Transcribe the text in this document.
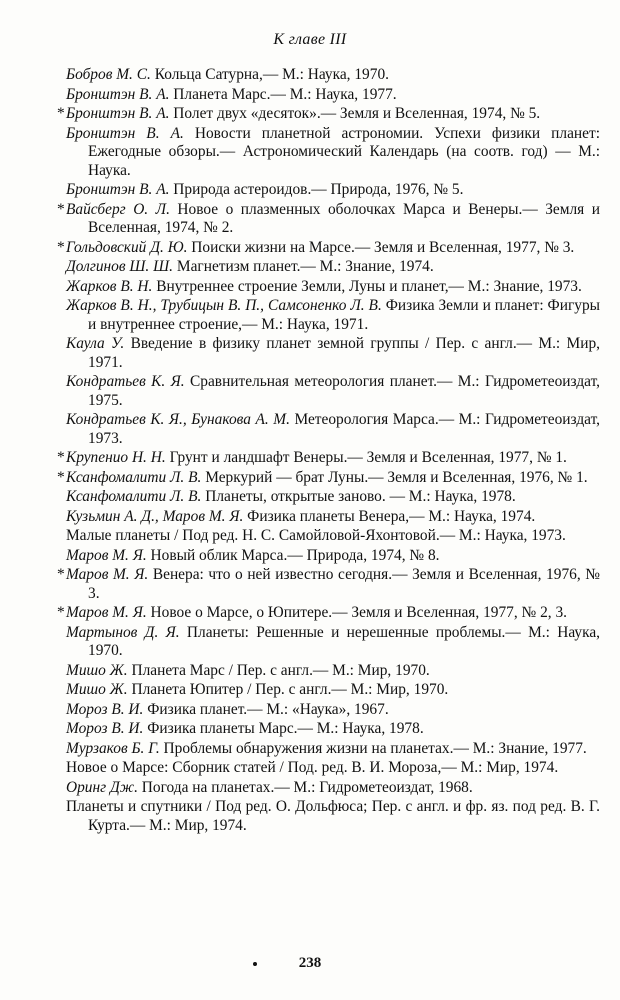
К главе III
Бобров М. С. Кольца Сатурна,— М.: Наука, 1970.
Бронштэн В. А. Планета Марс.— М.: Наука, 1977.
*Бронштэн В. А. Полет двух «десяток».— Земля и Вселенная, 1974, № 5.
Бронштэн В. А. Новости планетной астрономии. Успехи физики планет: Ежегодные обзоры.— Астрономический Календарь (на соотв. год) — М.: Наука.
Бронштэн В. А. Природа астероидов.— Природа, 1976, № 5.
*Вайсберг О. Л. Новое о плазменных оболочках Марса и Венеры.— Земля и Вселенная, 1974, № 2.
*Гольдовский Д. Ю. Поиски жизни на Марсе.— Земля и Вселенная, 1977, № 3.
Долгинов Ш. Ш. Магнетизм планет.— М.: Знание, 1974.
Жарков В. Н. Внутреннее строение Земли, Луны и планет,— М.: Знание, 1973.
Жарков В. Н., Трубицын В. П., Самсоненко Л. В. Физика Земли и планет: Фигуры и внутреннее строение,— М.: Наука, 1971.
Каула У. Введение в физику планет земной группы / Пер. с англ.— М.: Мир, 1971.
Кондратьев К. Я. Сравнительная метеорология планет.— М.: Гидрометеоиздат, 1975.
Кондратьев К. Я., Бунакова А. М. Метеорология Марса.— М.: Гидрометеоиздат, 1973.
*Крупенио Н. Н. Грунт и ландшафт Венеры.— Земля и Вселенная, 1977, № 1.
*Ксанфомалити Л. В. Меркурий — брат Луны.— Земля и Вселенная, 1976, № 1.
Ксанфомалити Л. В. Планеты, открытые заново. — М.: Наука, 1978.
Кузьмин А. Д., Маров М. Я. Физика планеты Венера,— М.: Наука, 1974.
Малые планеты / Под ред. Н. С. Самойловой-Яхонтовой.— М.: Наука, 1973.
Маров М. Я. Новый облик Марса.— Природа, 1974, № 8.
*Маров М. Я. Венера: что о ней известно сегодня.— Земля и Вселенная, 1976, № 3.
*Маров М. Я. Новое о Марсе, о Юпитере.— Земля и Вселенная, 1977, № 2, 3.
Мартынов Д. Я. Планеты: Решенные и нерешенные проблемы.— М.: Наука, 1970.
Мишо Ж. Планета Марс / Пер. с англ.— М.: Мир, 1970.
Мишо Ж. Планета Юпитер / Пер. с англ.— М.: Мир, 1970.
Мороз В. И. Физика планет.— М.: «Наука», 1967.
Мороз В. И. Физика планеты Марс.— М.: Наука, 1978.
Мурзаков Б. Г. Проблемы обнаружения жизни на планетах.— М.: Знание, 1977.
Новое о Марсе: Сборник статей / Под. ред. В. И. Мороза,— М.: Мир, 1974.
Оринг Дж. Погода на планетах.— М.: Гидрометеоиздат, 1968.
Планеты и спутники / Под ред. О. Дольфюса; Пер. с англ. и фр. яз. под ред. В. Г. Курта.— М.: Мир, 1974.
238
